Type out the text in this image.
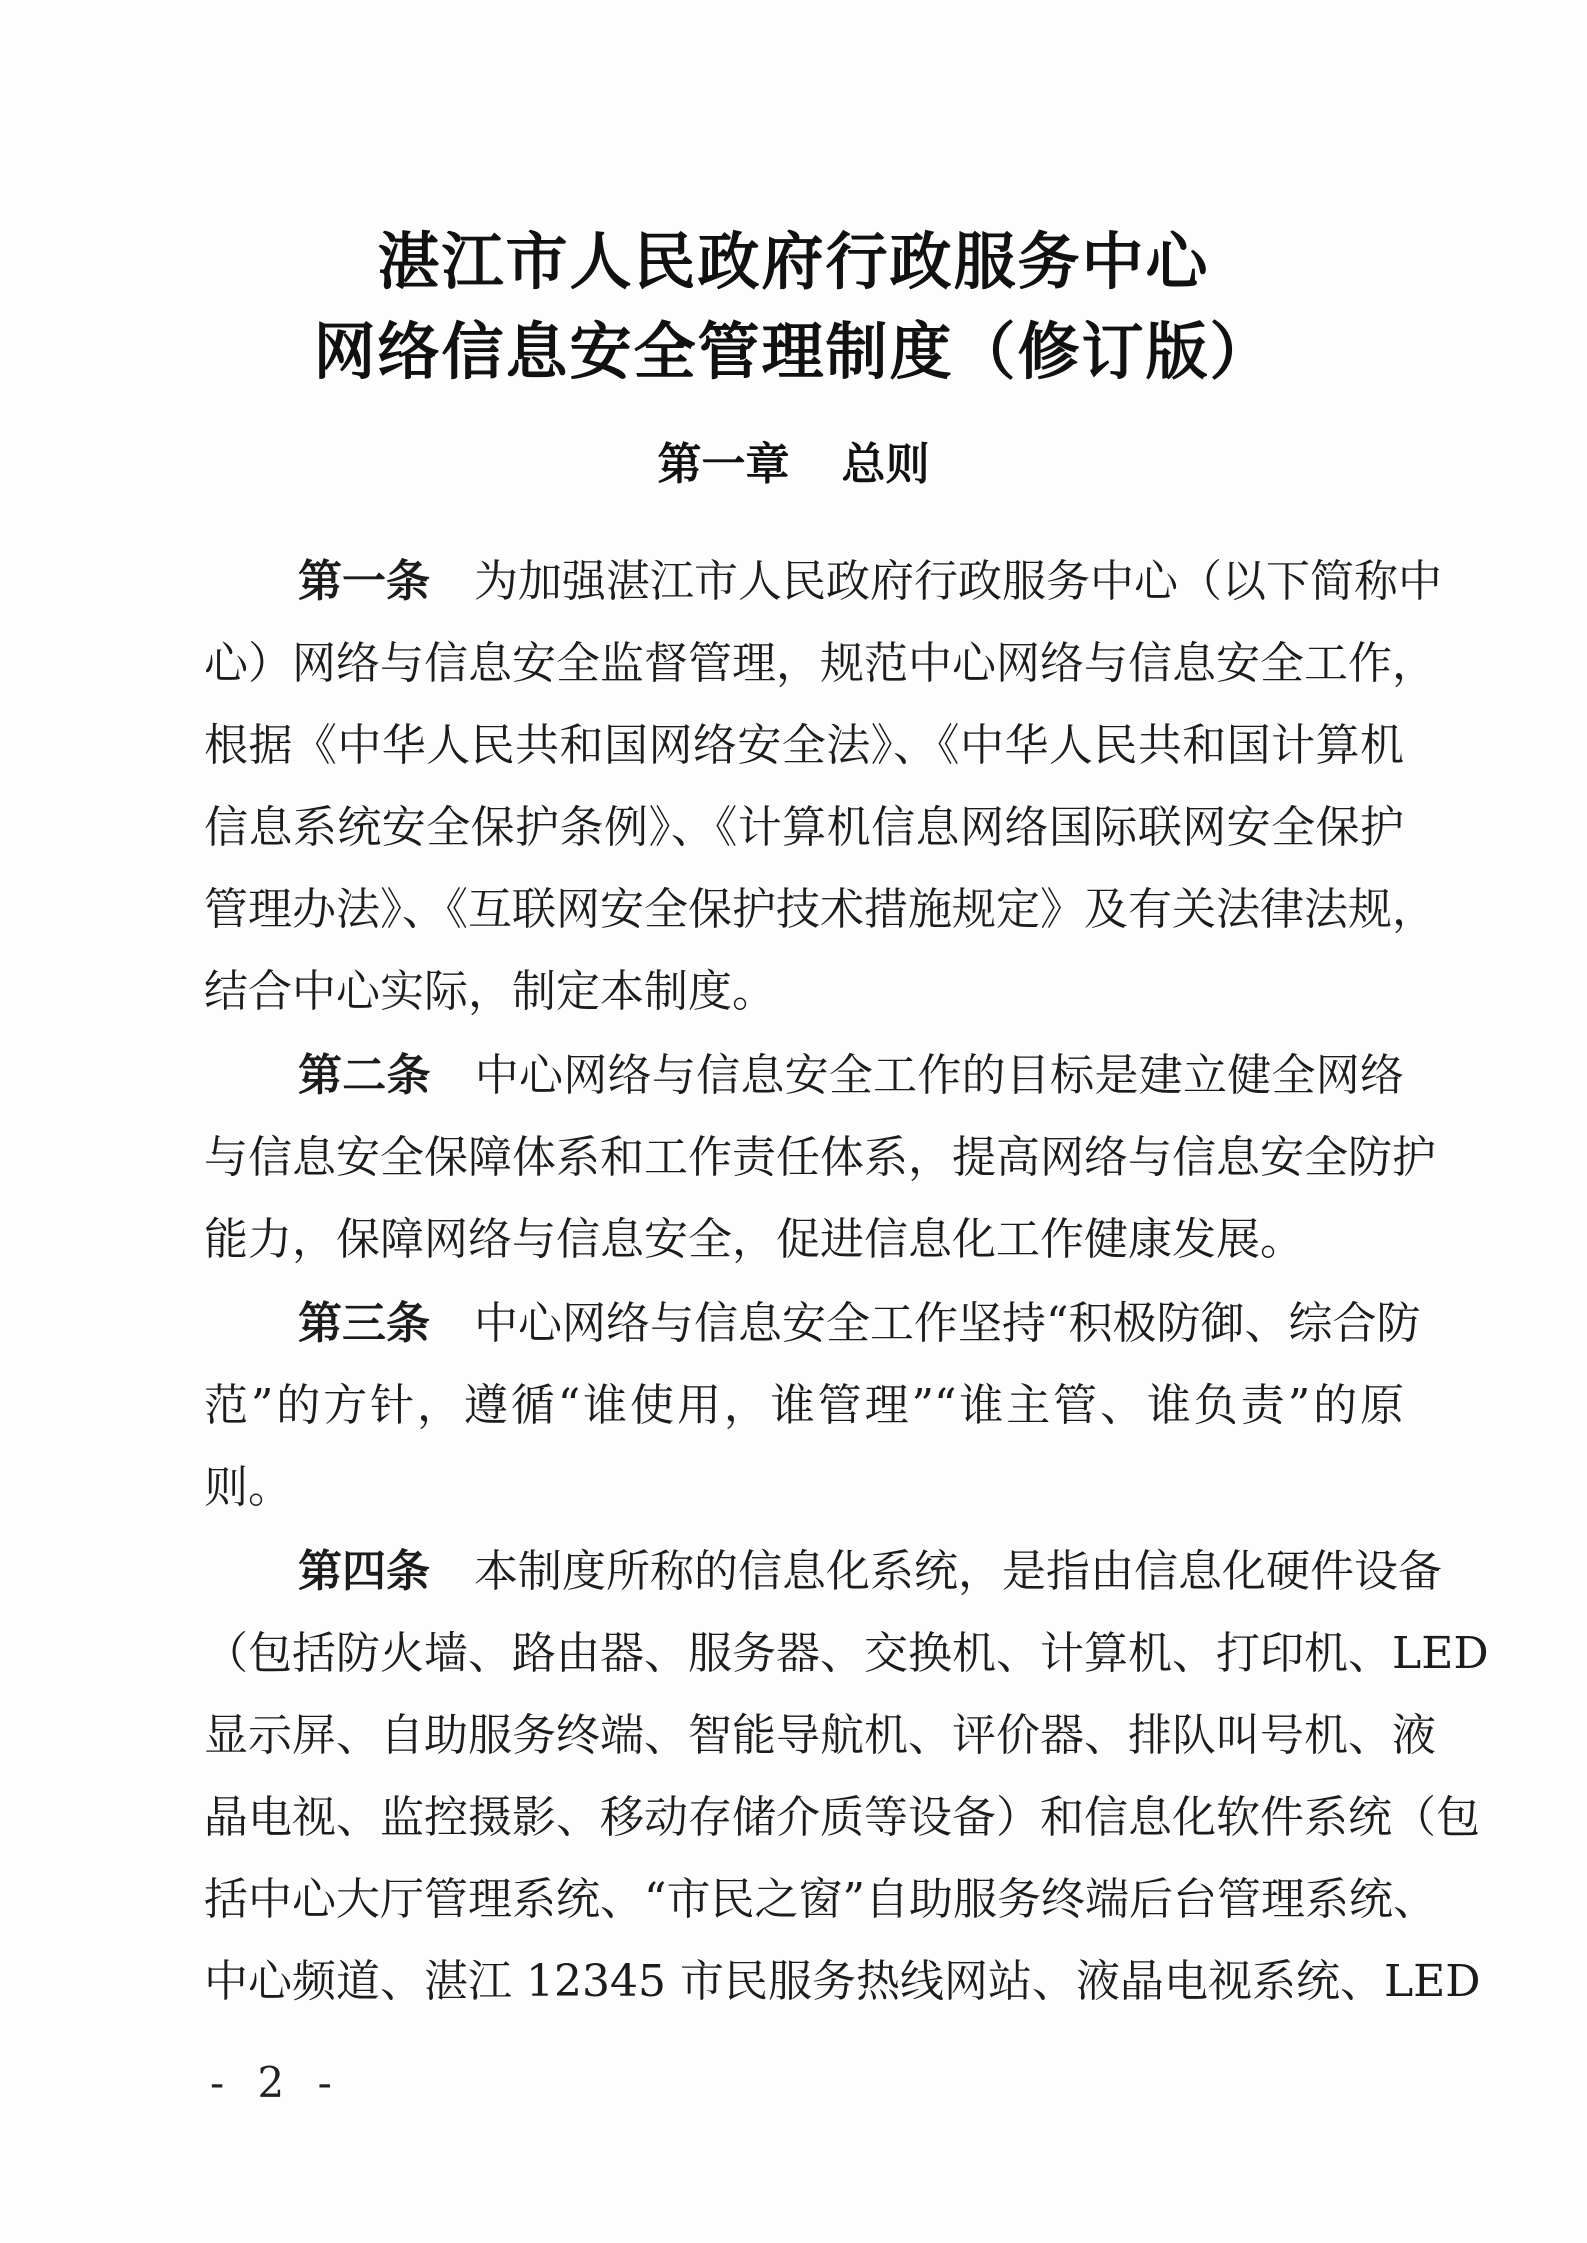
湛江市人民政府行政服务中心
网络信息安全管理制度（修订版）
第一章 总则
第一条 为加强湛江市人民政府行政服务中心（以下简称中
心）网络与信息安全监督管理，规范中心网络与信息安全工作，
根据《中华人民共和国网络安全法》、《中华人民共和国计算机
信息系统安全保护条例》、《计算机信息网络国际联网安全保护
管理办法》、《互联网安全保护技术措施规定》及有关法律法规，
结合中心实际，制定本制度。
第二条 中心网络与信息安全工作的目标是建立健全网络
与信息安全保障体系和工作责任体系，提高网络与信息安全防护
能力，保障网络与信息安全，促进信息化工作健康发展。
第三条 中心网络与信息安全工作坚持“积极防御、综合防
范”的方针，遵循“谁使用，谁管理”“谁主管、谁负责”的原
则。
第四条 本制度所称的信息化系统，是指由信息化硬件设备
（包括防火墙、路由器、服务器、交换机、计算机、打印机、LED
显示屏、自助服务终端、智能导航机、评价器、排队叫号机、液
晶电视、监控摄影、移动存储介质等设备）和信息化软件系统（包
括中心大厅管理系统、“市民之窗”自助服务终端后台管理系统、
中心频道、湛江 12345 市民服务热线网站、液晶电视系统、LED
- 2 -
